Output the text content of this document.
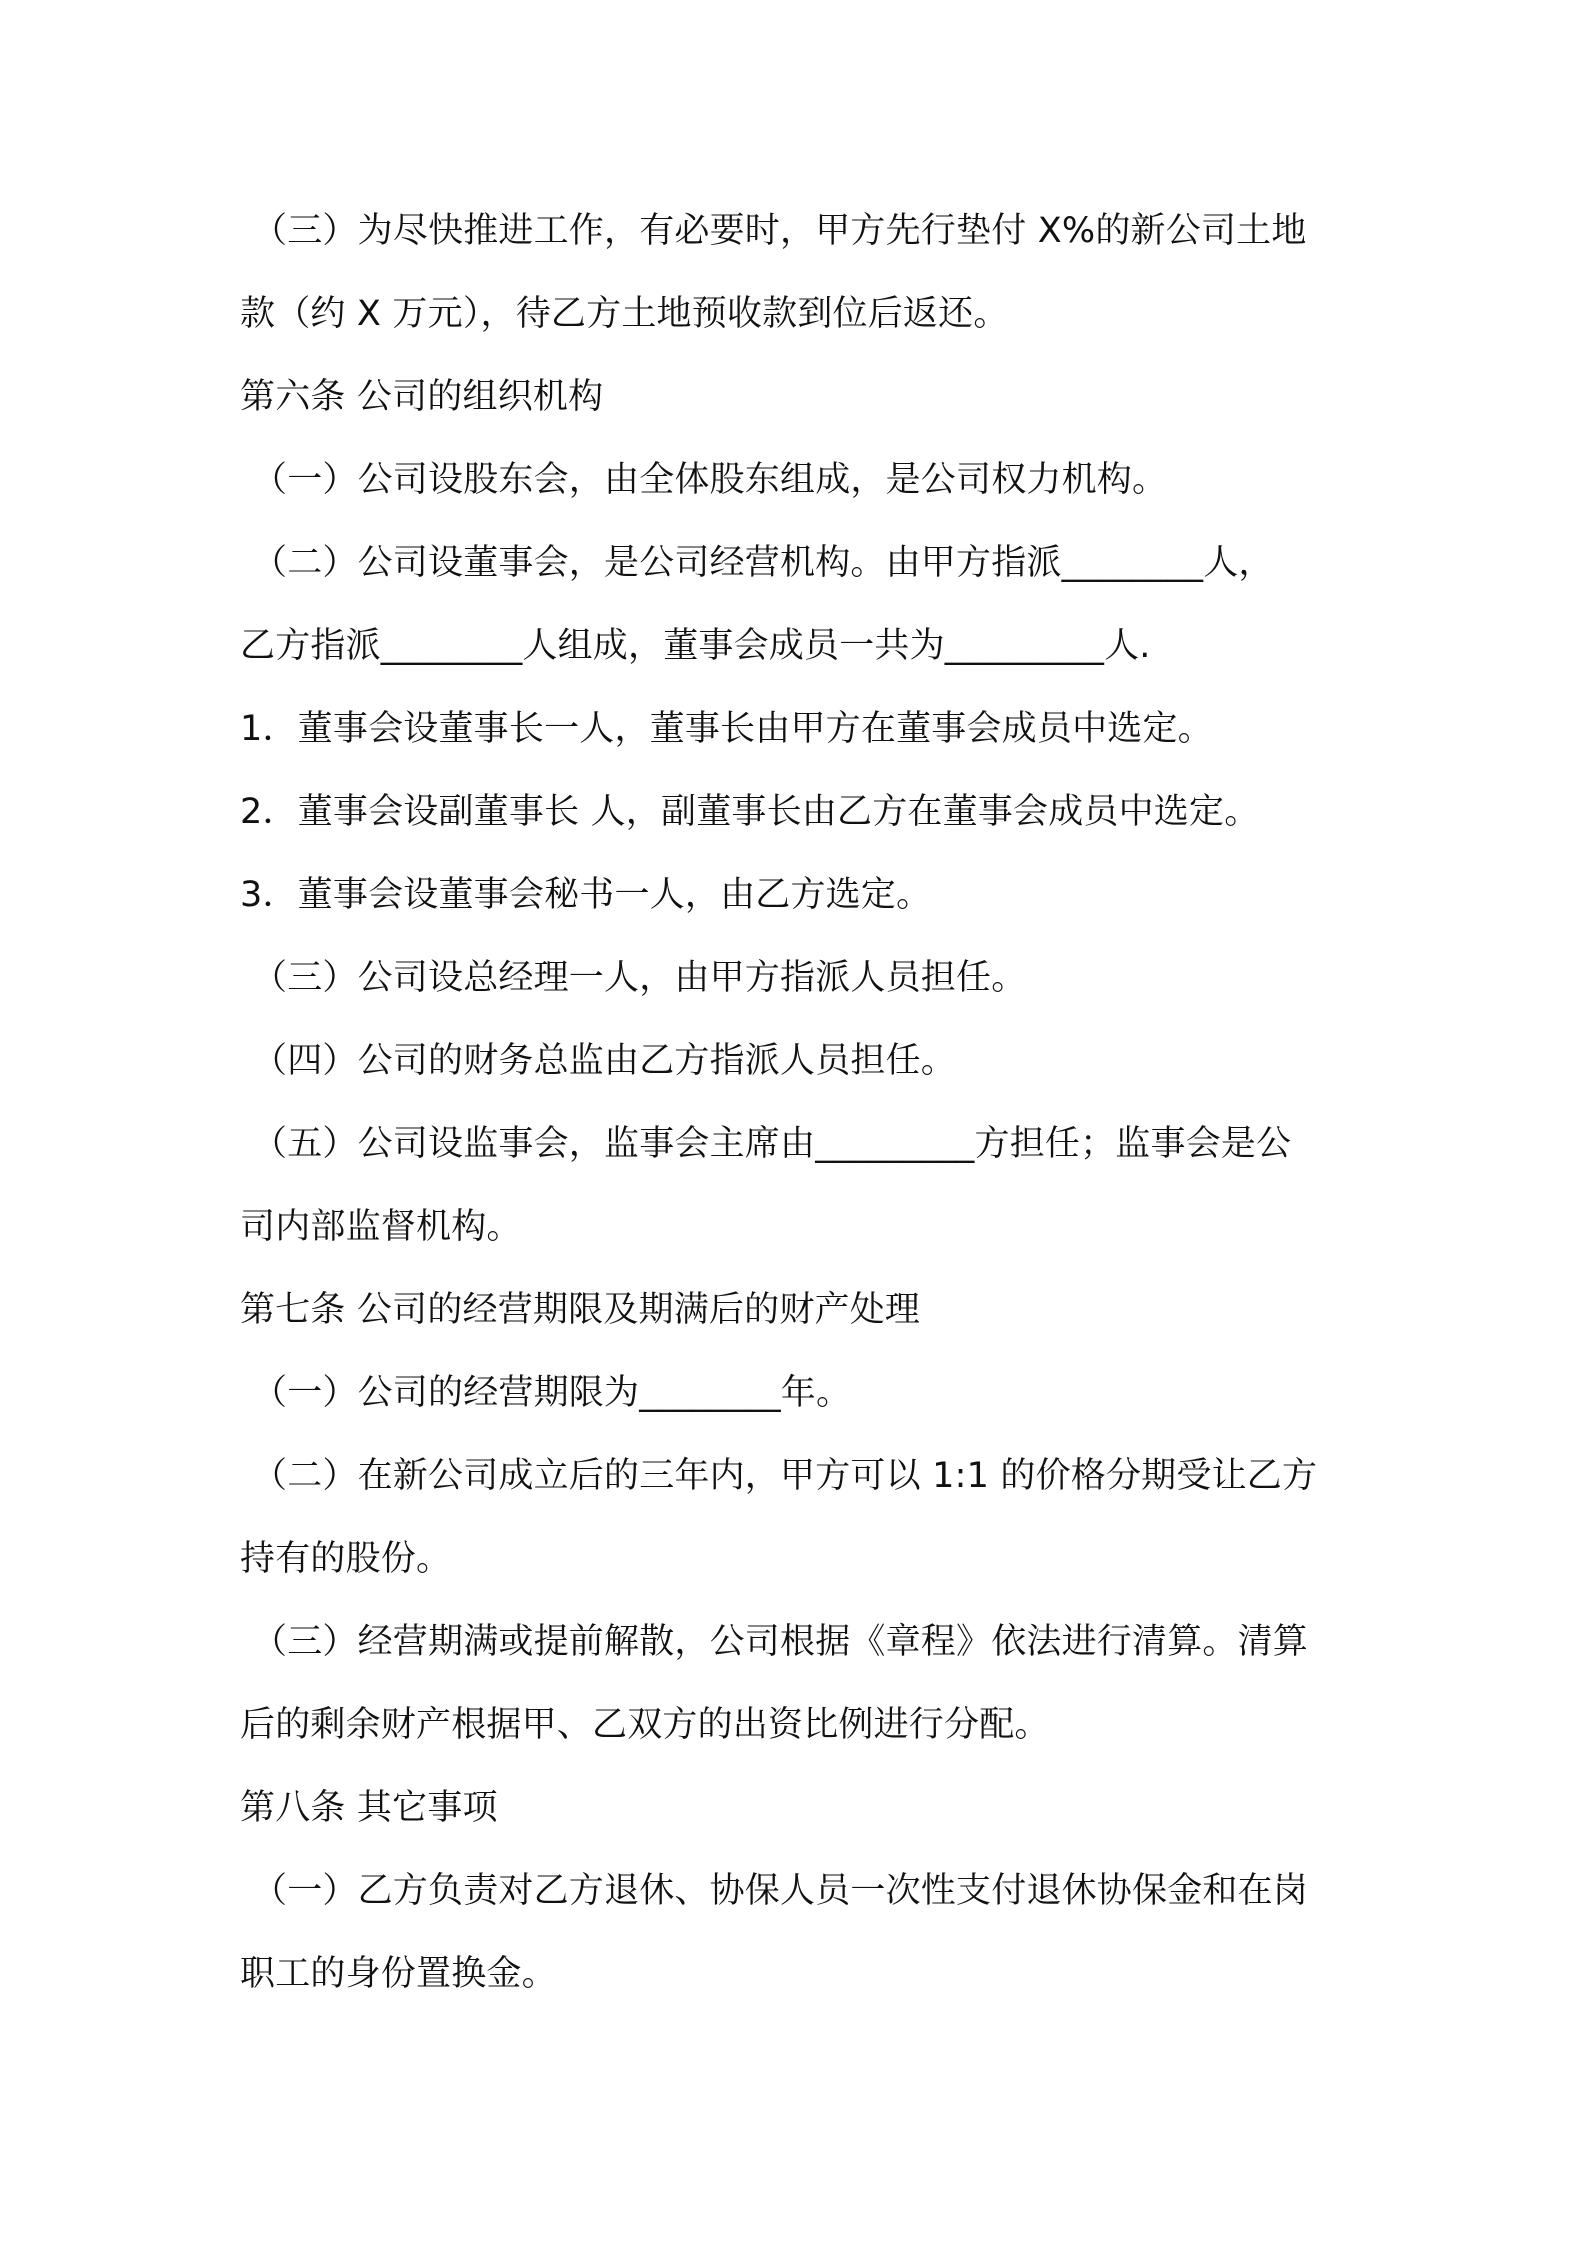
（三）为尽快推进工作，有必要时，甲方先行垫付 X%的新公司土地
款（约 X 万元），待乙方土地预收款到位后返还。
第六条 公司的组织机构
（一）公司设股东会，由全体股东组成，是公司权力机构。
（二）公司设董事会，是公司经营机构。由甲方指派________人，
乙方指派________人组成，董事会成员一共为_________人.
1．董事会设董事长一人，董事长由甲方在董事会成员中选定。
2．董事会设副董事长 人，副董事长由乙方在董事会成员中选定。
3．董事会设董事会秘书一人，由乙方选定。
（三）公司设总经理一人，由甲方指派人员担任。
（四）公司的财务总监由乙方指派人员担任。
（五）公司设监事会，监事会主席由_________方担任；监事会是公
司内部监督机构。
第七条 公司的经营期限及期满后的财产处理
（一）公司的经营期限为________年。
（二）在新公司成立后的三年内，甲方可以 1:1 的价格分期受让乙方
持有的股份。
（三）经营期满或提前解散，公司根据《章程》依法进行清算。清算
后的剩余财产根据甲、乙双方的出资比例进行分配。
第八条 其它事项
（一）乙方负责对乙方退休、协保人员一次性支付退休协保金和在岗
职工的身份置换金。
